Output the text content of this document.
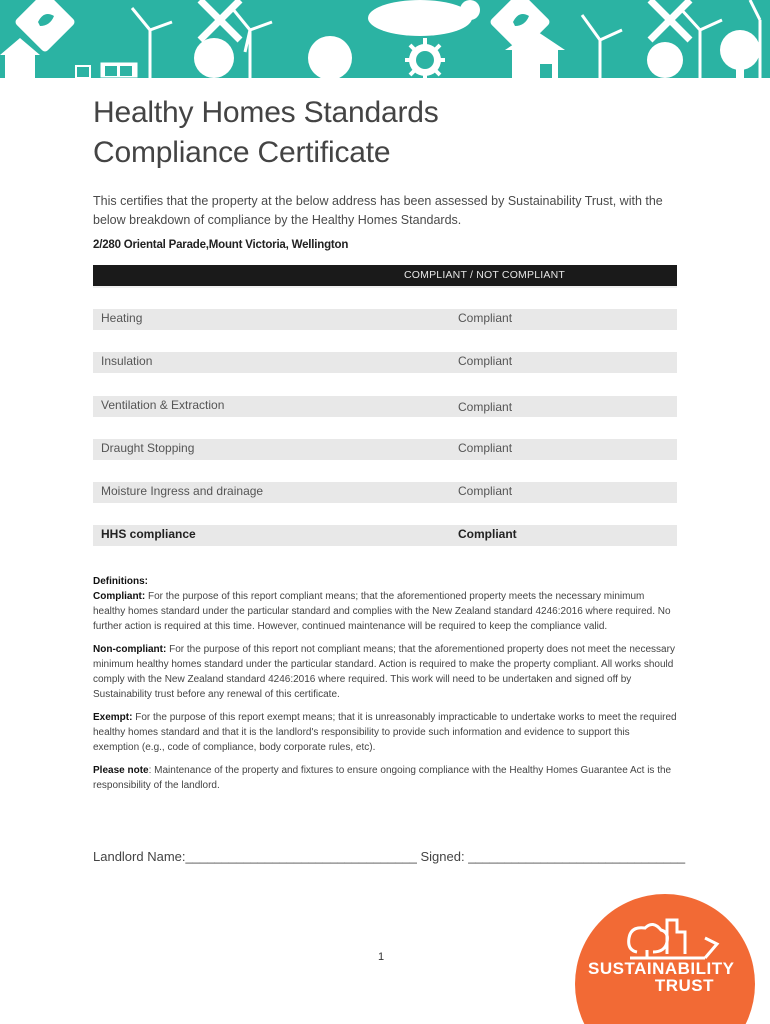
Healthy Homes Standards
Compliance Certificate

This certifies that the property at the below address has been assessed by Sustainability Trust, with the below breakdown of compliance by the Healthy Homes Standards.

2/280 Oriental Parade,Mount Victoria, Wellington
COMPLIANT / NOT COMPLIANT
Heating	Compliant
Insulation	Compliant
Ventilation & Extraction	Compliant
Draught Stopping	Compliant
Moisture Ingress and drainage	Compliant
HHS compliance	Compliant

Definitions:

Compliant: For the purpose of this report compliant means; that the aforementioned property meets the necessary minimum healthy homes standard under the particular standard and complies with the New Zealand standard 4246:2016 where required. No further action is required at this time. However, continued maintenance will be required to keep the compliance valid.

Non-compliant: For the purpose of this report not compliant means; that the aforementioned property does not meet the necessary minimum healthy homes standard under the particular standard. Action is required to make the property compliant. All works should comply with the New Zealand standard 4246:2016 where required. This work will need to be undertaken and signed off by Sustainability trust before any renewal of this certificate.

Exempt: For the purpose of this report exempt means; that it is unreasonably impracticable to undertake works to meet the required healthy homes standard and that it is the landlord's responsibility to provide such information and evidence to support this exemption (e.g., code of compliance, body corporate rules, etc).

Please note: Maintenance of the property and fixtures to ensure ongoing compliance with the Healthy Homes Guarantee Act is the responsibility of the landlord.

Landlord Name:________________________________ Signed: ______________________________
1
SUSTAINABILITY
TRUST
